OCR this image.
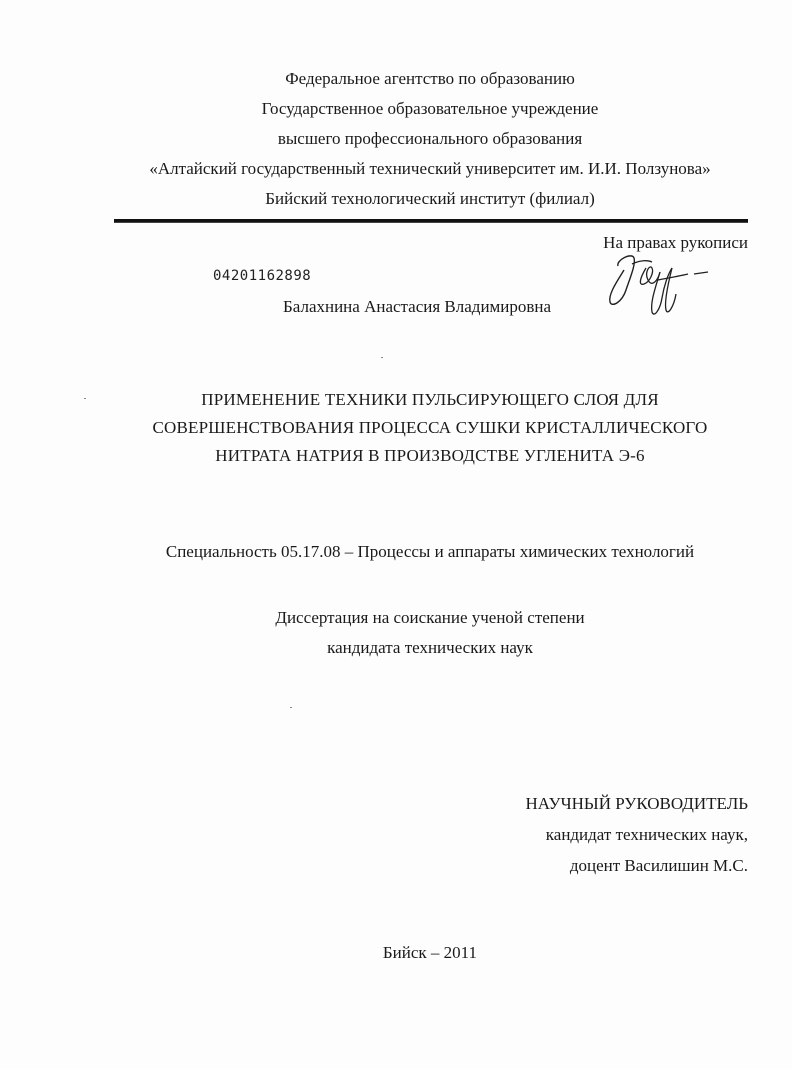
Федеральное агентство по образованию
Государственное образовательное учреждение
высшего профессионального образования
«Алтайский государственный технический университет им. И.И. Ползунова»
Бийский технологический институт (филиал)
На правах рукописи
04201162898
Балахнина Анастасия Владимировна
ПРИМЕНЕНИЕ ТЕХНИКИ ПУЛЬСИРУЮЩЕГО СЛОЯ ДЛЯ
СОВЕРШЕНСТВОВАНИЯ ПРОЦЕССА СУШКИ КРИСТАЛЛИЧЕСКОГО
НИТРАТА НАТРИЯ В ПРОИЗВОДСТВЕ УГЛЕНИТА Э-6
Специальность 05.17.08 – Процессы и аппараты химических технологий
Диссертация на соискание ученой степени
кандидата технических наук
НАУЧНЫЙ РУКОВОДИТЕЛЬ
кандидат технических наук,
доцент Василишин М.С.
Бийск – 2011
